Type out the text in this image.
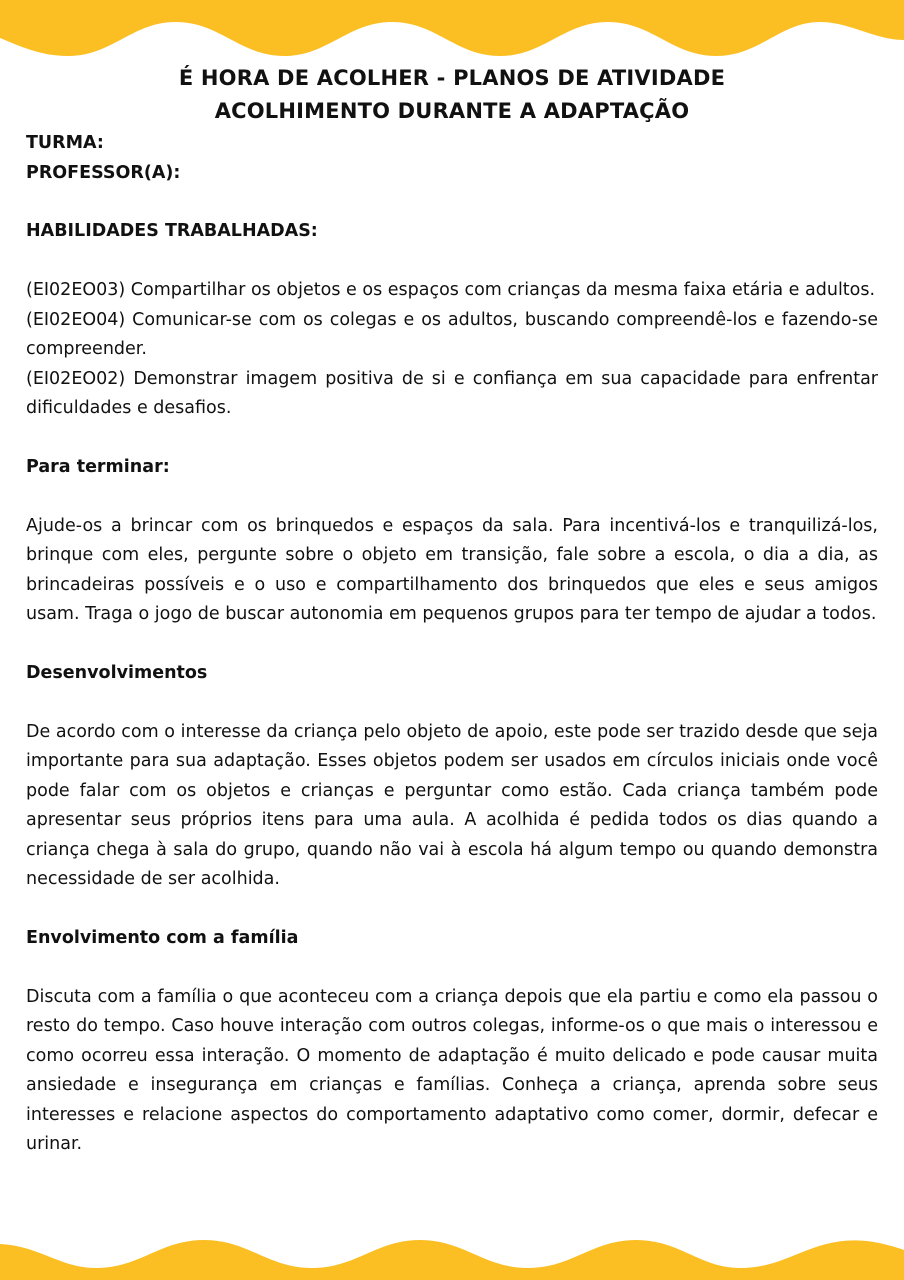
É HORA DE ACOLHER - PLANOS DE ATIVIDADE
ACOLHIMENTO DURANTE A ADAPTAÇÃO
TURMA:
PROFESSOR(A):
HABILIDADES TRABALHADAS:

(EI02EO03) Compartilhar os objetos e os espaços com crianças da mesma faixa etária e adultos.

(EI02EO04) Comunicar-se com os colegas e os adultos, buscando compreendê-los e fazendo-se compreender.

(EI02EO02) Demonstrar imagem positiva de si e confiança em sua capacidade para enfrentar dificuldades e desafios.

Para terminar:

Ajude-os a brincar com os brinquedos e espaços da sala. Para incentivá-los e tranquilizá-los, brinque com eles, pergunte sobre o objeto em transição, fale sobre a escola, o dia a dia, as brincadeiras possíveis e o uso e compartilhamento dos brinquedos que eles e seus amigos usam. Traga o jogo de buscar autonomia em pequenos grupos para ter tempo de ajudar a todos.

Desenvolvimentos

De acordo com o interesse da criança pelo objeto de apoio, este pode ser trazido desde que seja importante para sua adaptação. Esses objetos podem ser usados em círculos iniciais onde você pode falar com os objetos e crianças e perguntar como estão. Cada criança também pode apresentar seus próprios itens para uma aula. A acolhida é pedida todos os dias quando a criança chega à sala do grupo, quando não vai à escola há algum tempo ou quando demonstra necessidade de ser acolhida.

Envolvimento com a família

Discuta com a família o que aconteceu com a criança depois que ela partiu e como ela passou o resto do tempo. Caso houve interação com outros colegas, informe-os o que mais o interessou e como ocorreu essa interação. O momento de adaptação é muito delicado e pode causar muita ansiedade e insegurança em crianças e famílias. Conheça a criança, aprenda sobre seus interesses e relacione aspectos do comportamento adaptativo como comer, dormir, defecar e urinar.
